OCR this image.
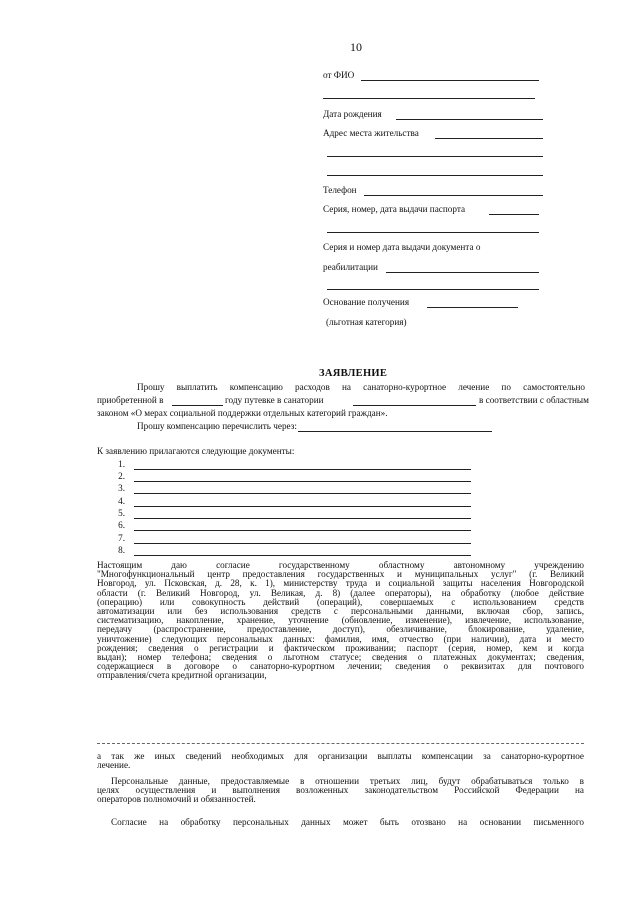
10
от ФИО
Дата рождения
Адрес места жительства
Телефон
Серия, номер, дата выдачи паспорта
Серия и номер дата выдачи документа о
реабилитации
Основание получения
(льготная категория)
ЗАЯВЛЕНИЕ
Прошу выплатить компенсацию расходов на санаторно-курортное лечение по самостоятельно
приобретенной в	году путевке в санатории	в соответствии с областным
законом «О мерах социальной поддержки отдельных категорий граждан».
Прошу компенсацию перечислить через:
К заявлению прилагаются следующие документы:
1.
2.
3.
4.
5.
6.
7.
8.
Настоящим даю согласие государственному областному автономному учреждению
"Многофункциональный центр предоставления государственных и муниципальных услуг" (г. Великий
Новгород, ул. Псковская, д. 28, к. 1), министерству труда и социальной защиты населения Новгородской
области (г. Великий Новгород, ул. Великая, д. 8) (далее операторы), на обработку (любое действие
(операцию) или совокупность действий (операций), совершаемых с использованием средств
автоматизации или без использования средств с персональными данными, включая сбор, запись,
систематизацию, накопление, хранение, уточнение (обновление, изменение), извлечение, использование,
передачу (распространение, предоставление, доступ), обезличивание, блокирование, удаление,
уничтожение) следующих персональных данных: фамилия, имя, отчество (при наличии), дата и место
рождения; сведения о регистрации и фактическом проживании; паспорт (серия, номер, кем и когда
выдан); номер телефона; сведения о льготном статусе; сведения о платежных документах; сведения,
содержащиеся в договоре о санаторно-курортном лечении; сведения о реквизитах для почтового
отправления/счета кредитной организации,
а так же иных сведений необходимых для организации выплаты компенсации за санаторно-курортное
лечение.
Персональные данные, предоставляемые в отношении третьих лиц, будут обрабатываться только в
целях осуществления и выполнения возложенных законодательством Российской Федерации на
операторов полномочий и обязанностей.
Согласие на обработку персональных данных может быть отозвано на основании письменного
